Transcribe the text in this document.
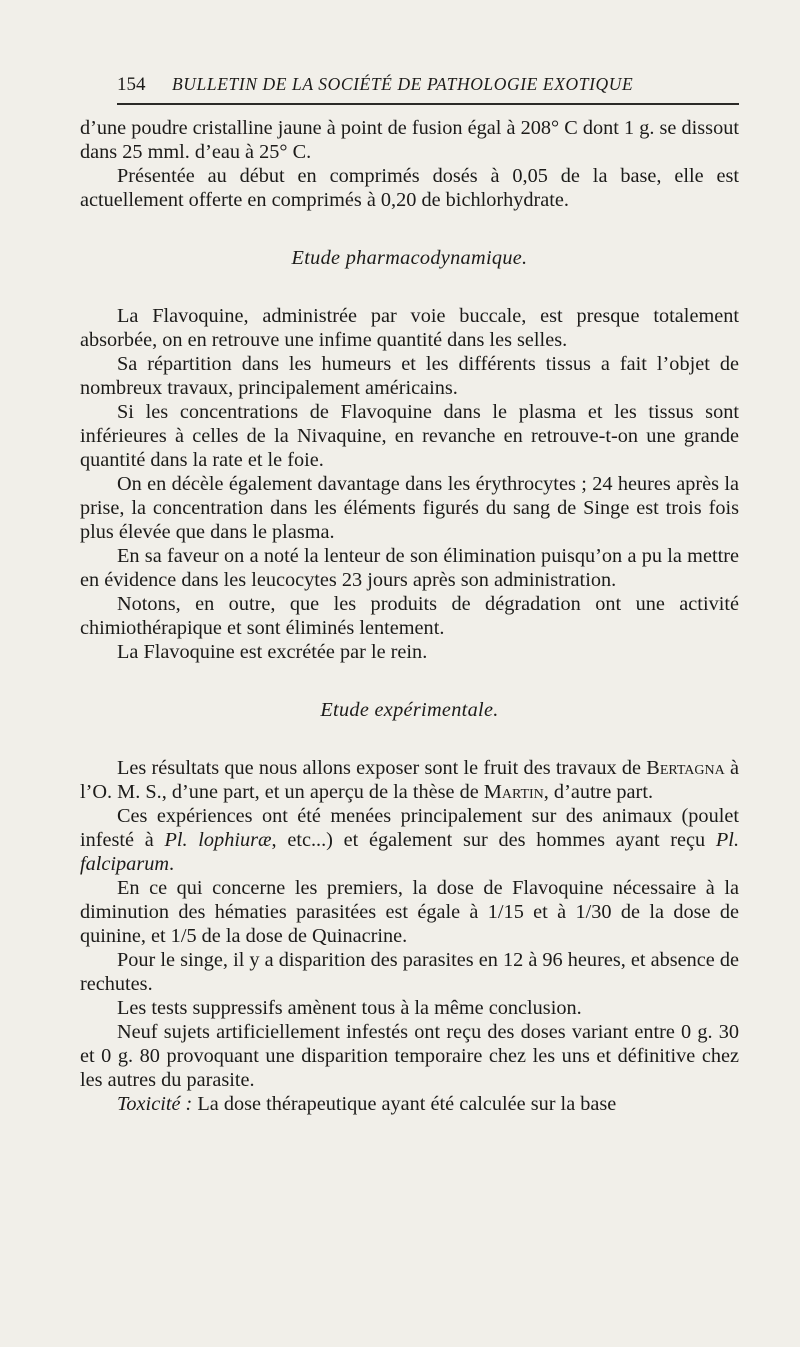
154 BULLETIN DE LA SOCIÉTÉ DE PATHOLOGIE EXOTIQUE

d’une poudre cristalline jaune à point de fusion égal à 208° C dont 1 g. se dissout dans 25 mml. d’eau à 25° C.

Présentée au début en comprimés dosés à 0,05 de la base, elle est actuellement offerte en comprimés à 0,20 de bichlorhydrate.

Etude pharmacodynamique.

La Flavoquine, administrée par voie buccale, est presque totalement absorbée, on en retrouve une infime quantité dans les selles.

Sa répartition dans les humeurs et les différents tissus a fait l’objet de nombreux travaux, principalement américains.

Si les concentrations de Flavoquine dans le plasma et les tissus sont inférieures à celles de la Nivaquine, en revanche en retrouve-t-on une grande quantité dans la rate et le foie.

On en décèle également davantage dans les érythrocytes ; 24 heures après la prise, la concentration dans les éléments figurés du sang de Singe est trois fois plus élevée que dans le plasma.

En sa faveur on a noté la lenteur de son élimination puisqu’on a pu la mettre en évidence dans les leucocytes 23 jours après son administration.

Notons, en outre, que les produits de dégradation ont une activité chimiothérapique et sont éliminés lentement.

La Flavoquine est excrétée par le rein.

Etude expérimentale.

Les résultats que nous allons exposer sont le fruit des travaux de Bertagna à l’O. M. S., d’une part, et un aperçu de la thèse de Martin, d’autre part.

Ces expériences ont été menées principalement sur des animaux (poulet infesté à Pl. lophiuræ, etc...) et également sur des hommes ayant reçu Pl. falciparum.

En ce qui concerne les premiers, la dose de Flavoquine nécessaire à la diminution des hématies parasitées est égale à 1/15 et à 1/30 de la dose de quinine, et 1/5 de la dose de Quinacrine.

Pour le singe, il y a disparition des parasites en 12 à 96 heures, et absence de rechutes.

Les tests suppressifs amènent tous à la même conclusion.

Neuf sujets artificiellement infestés ont reçu des doses variant entre 0 g. 30 et 0 g. 80 provoquant une disparition temporaire chez les uns et définitive chez les autres du parasite.

Toxicité : La dose thérapeutique ayant été calculée sur la base
